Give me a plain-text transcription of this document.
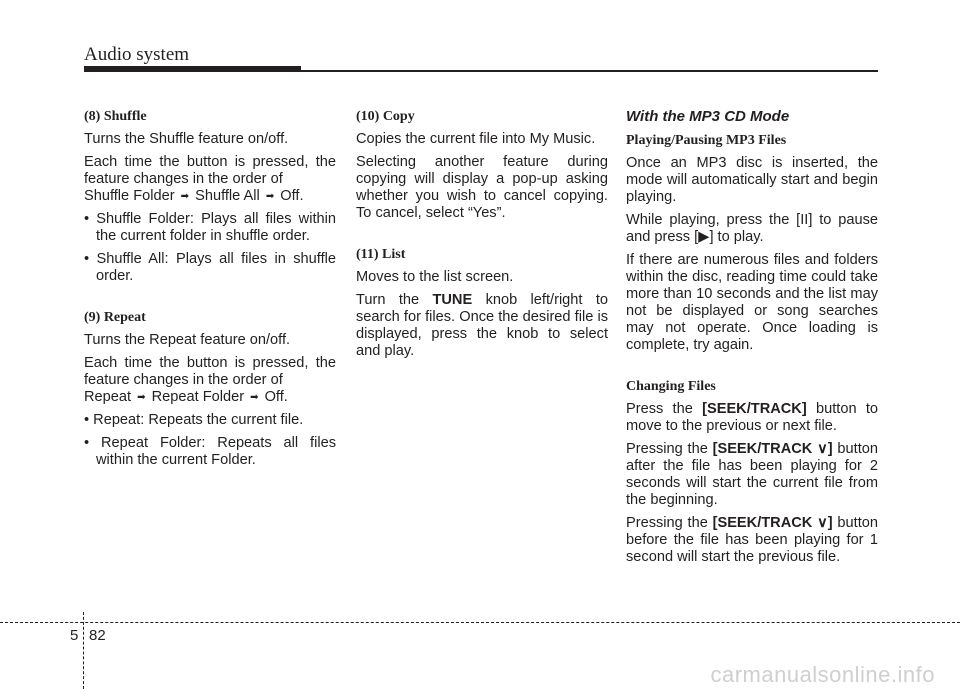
Audio system
(8) Shuffle
Turns the Shuffle feature on/off.
Each time the button is pressed, the feature changes in the order of
Shuffle Folder ➡ Shuffle All ➡ Off.
• Shuffle Folder: Plays all files within the current folder in shuffle order.
• Shuffle All: Plays all files in shuffle order.
(9) Repeat
Turns the Repeat feature on/off.
Each time the button is pressed, the feature changes in the order of
Repeat ➡ Repeat Folder ➡ Off.
• Repeat: Repeats the current file.
• Repeat Folder: Repeats all files within the current Folder.
(10) Copy
Copies the current file into My Music.
Selecting another feature during copying will display a pop-up asking whether you wish to cancel copying. To cancel, select “Yes”.
(11) List
Moves to the list screen.
Turn the TUNE knob left/right to search for files. Once the desired file is displayed, press the knob to select and play.
With the MP3 CD Mode
Playing/Pausing MP3 Files
Once an MP3 disc is inserted, the mode will automatically start and begin playing.
While playing, press the [II] to pause and press [▶] to play.
If there are numerous files and folders within the disc, reading time could take more than 10 seconds and the list may not be displayed or song searches may not operate. Once loading is complete, try again.
Changing Files
Press the [SEEK/TRACK] button to move to the previous or next file.
Pressing the [SEEK/TRACK ∨] button after the file has been playing for 2 seconds will start the current file from the beginning.
Pressing the [SEEK/TRACK ∨] button before the file has been playing for 1 second will start the previous file.
5 82
carmanualsonline.info
